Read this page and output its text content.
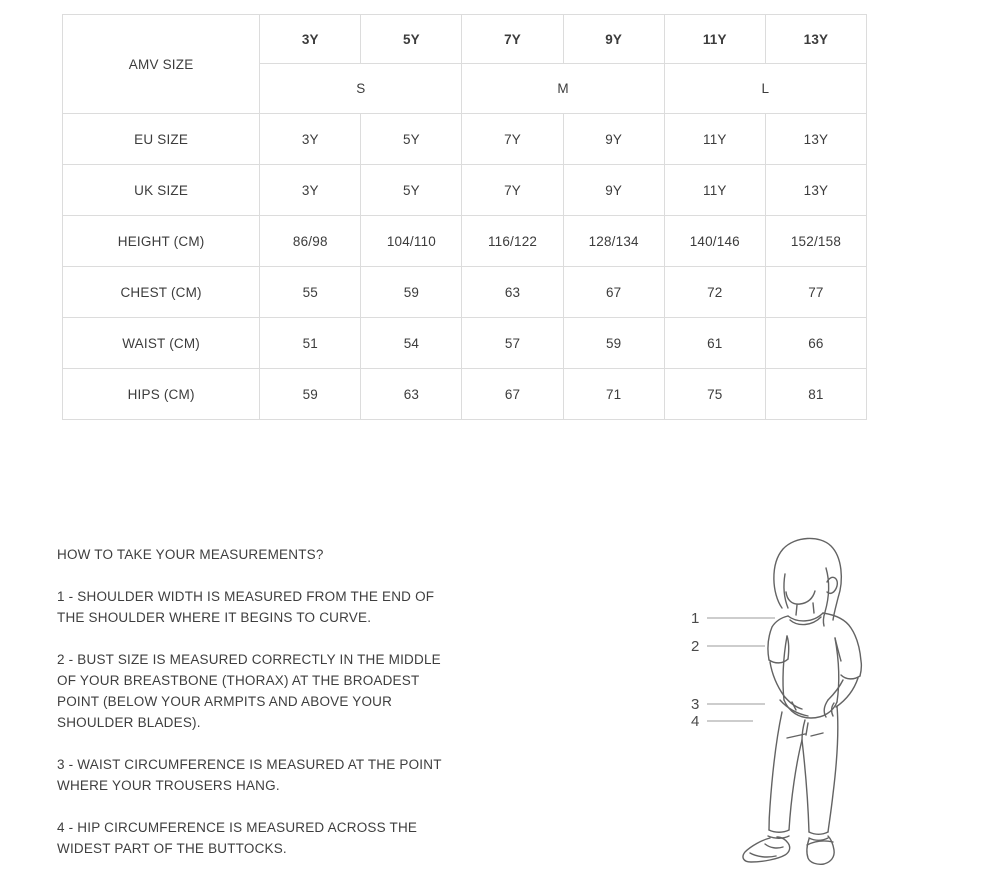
AMV SIZE	3Y	5Y	7Y	9Y	11Y	13Y
	S		M		L	
EU SIZE	3Y	5Y	7Y	9Y	11Y	13Y
UK SIZE	3Y	5Y	7Y	9Y	11Y	13Y
HEIGHT (CM)	86/98	104/110	116/122	128/134	140/146	152/158
CHEST (CM)	55	59	63	67	72	77
WAIST (CM)	51	54	57	59	61	66
HIPS (CM)	59	63	67	71	75	81
HOW TO TAKE YOUR MEASUREMENTS?
1 - SHOULDER WIDTH IS MEASURED FROM THE END OF
THE SHOULDER WHERE IT BEGINS TO CURVE.
2 - BUST SIZE IS MEASURED CORRECTLY IN THE MIDDLE
OF YOUR BREASTBONE (THORAX) AT THE BROADEST
POINT (BELOW YOUR ARMPITS AND ABOVE YOUR
SHOULDER BLADES).
3 - WAIST CIRCUMFERENCE IS MEASURED AT THE POINT
WHERE YOUR TROUSERS HANG.
4 - HIP CIRCUMFERENCE IS MEASURED ACROSS THE
WIDEST PART OF THE BUTTOCKS.
1
2
3
4
